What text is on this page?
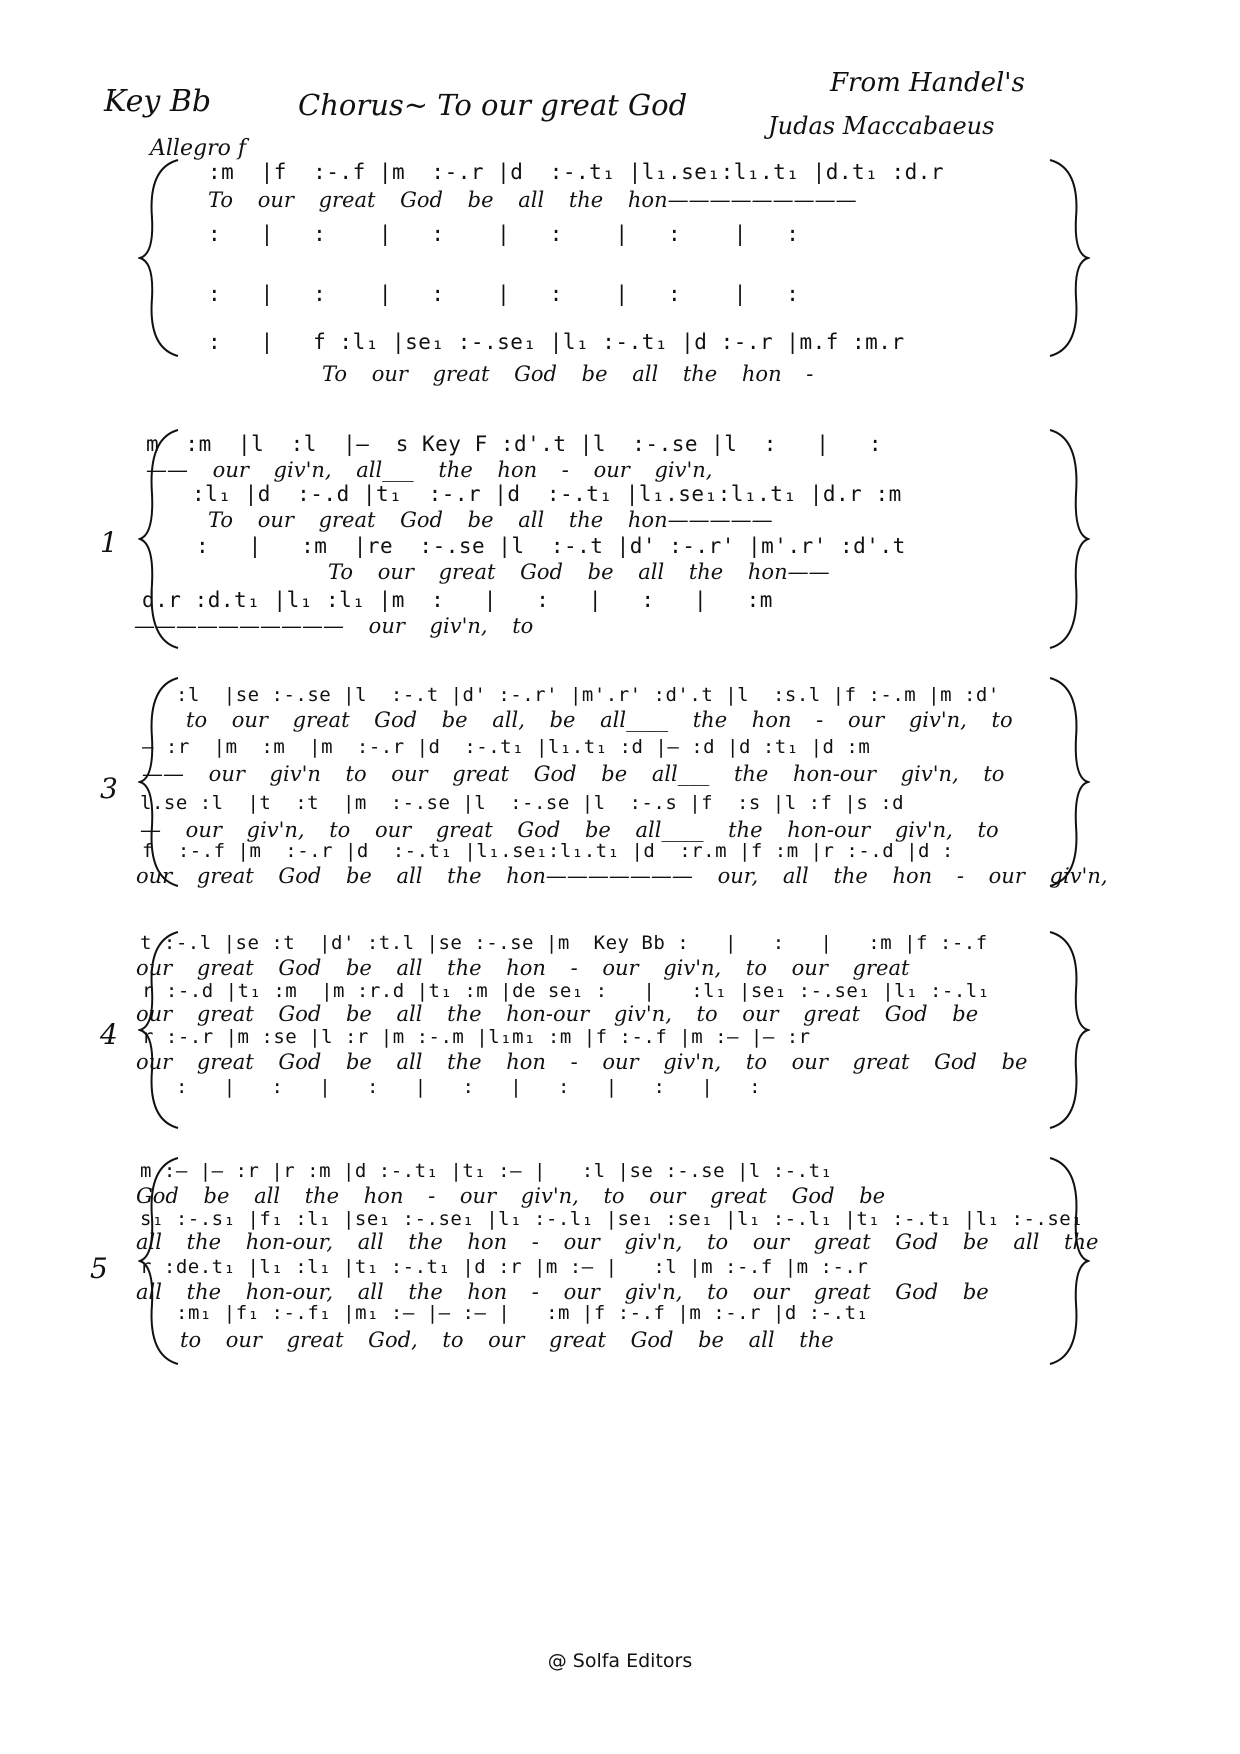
Key Bb	Chorus~ To our great God
From Handel's
Judas Maccabaeus
Allegro f
1
3
4
5
:m  |f  :-.f |m  :-.r |d  :-.t₁ |l₁.se₁:l₁.t₁ |d.t₁ :d.r
To our great God be all the hon—————————
:   |   :    |   :    |   :    |   :    |   :
:   |   :    |   :    |   :    |   :    |   :
:   |   f :l₁ |se₁ :-.se₁ |l₁ :-.t₁ |d :-.r |m.f :m.r
To our great God be all the hon -
m  :m  |l  :l  |—  s Key F :d'.t |l  :-.se |l  :   |   :
—— our giv'n, all___ the hon - our giv'n,
:l₁ |d  :-.d |t₁  :-.r |d  :-.t₁ |l₁.se₁:l₁.t₁ |d.r :m
To our great God be all the hon—————
:   |   :m  |re  :-.se |l  :-.t |d' :-.r' |m'.r' :d'.t
To our great God be all the hon——
d.r :d.t₁ |l₁ :l₁ |m  :   |   :   |   :   |   :m
—————————— our giv'n, to
:l  |se :-.se |l  :-.t |d' :-.r' |m'.r' :d'.t |l  :s.l |f :-.m |m :d'
to our great God be all, be all____ the hon - our giv'n, to
— :r  |m  :m  |m  :-.r |d  :-.t₁ |l₁.t₁ :d |— :d |d :t₁ |d :m
—— our giv'n to our great God be all___ the hon-our giv'n, to
l.se :l  |t  :t  |m  :-.se |l  :-.se |l  :-.s |f  :s |l :f |s :d
— our giv'n, to our great God be all____ the hon-our giv'n, to
f  :-.f |m  :-.r |d  :-.t₁ |l₁.se₁:l₁.t₁ |d  :r.m |f :m |r :-.d |d :
our great God be all the hon——————— our, all the hon - our giv'n,
t :-.l |se :t  |d' :t.l |se :-.se |m  Key Bb :   |   :   |   :m |f :-.f
our great God be all the hon - our giv'n, to our great
r :-.d |t₁ :m  |m :r.d |t₁ :m |de se₁ :   |   :l₁ |se₁ :-.se₁ |l₁ :-.l₁
our great God be all the hon-our giv'n, to our great God be
r :-.r |m :se |l :r |m :-.m |l₁m₁ :m |f :-.f |m :— |— :r
our great God be all the hon - our giv'n, to our great God be
:   |   :   |   :   |   :   |   :   |   :   |   :
m :— |— :r |r :m |d :-.t₁ |t₁ :— |   :l |se :-.se |l :-.t₁
God be all the hon - our giv'n, to our great God be
s₁ :-.s₁ |f₁ :l₁ |se₁ :-.se₁ |l₁ :-.l₁ |se₁ :se₁ |l₁ :-.l₁ |t₁ :-.t₁ |l₁ :-.se₁
all the hon-our, all the hon - our giv'n, to our great God be all the
r :de.t₁ |l₁ :l₁ |t₁ :-.t₁ |d :r |m :— |   :l |m :-.f |m :-.r
all the hon-our, all the hon - our giv'n, to our great God be
:m₁ |f₁ :-.f₁ |m₁ :— |— :— |   :m |f :-.f |m :-.r |d :-.t₁
to our great God, to our great God be all the
@ Solfa Editors
